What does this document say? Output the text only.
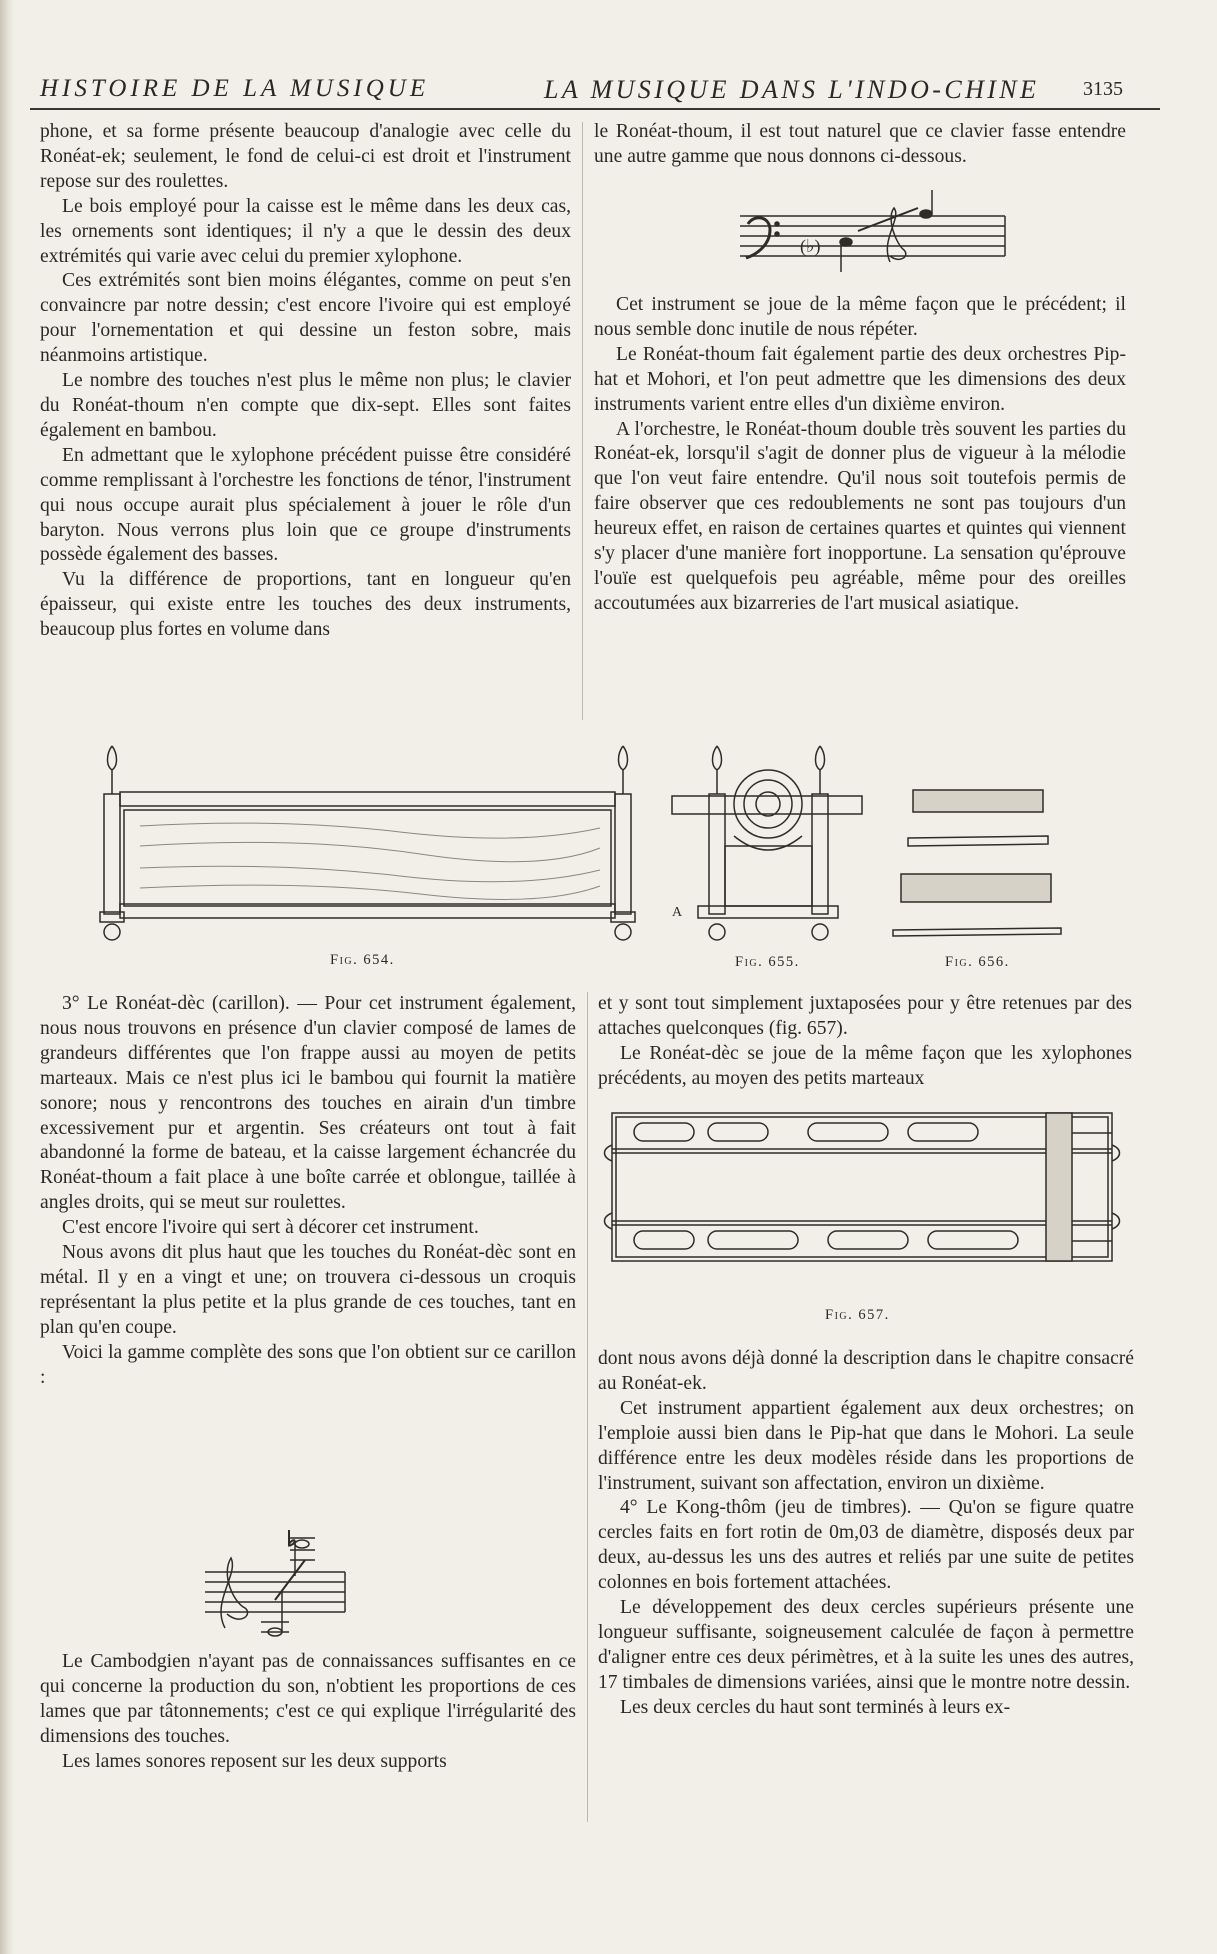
HISTOIRE DE LA MUSIQUE	LA MUSIQUE DANS L'INDO-CHINE 3135

phone, et sa forme présente beaucoup d'analogie avec celle du Ronéat-ek; seulement, le fond de celui-ci est droit et l'instrument repose sur des roulettes.

Le bois employé pour la caisse est le même dans les deux cas, les ornements sont identiques; il n'y a que le dessin des deux extrémités qui varie avec celui du premier xylophone.

Ces extrémités sont bien moins élégantes, comme on peut s'en convaincre par notre dessin; c'est encore l'ivoire qui est employé pour l'ornementation et qui dessine un feston sobre, mais néanmoins artistique.

Le nombre des touches n'est plus le même non plus; le clavier du Ronéat-thoum n'en compte que dix-sept. Elles sont faites également en bambou.

En admettant que le xylophone précédent puisse être considéré comme remplissant à l'orchestre les fonctions de ténor, l'instrument qui nous occupe aurait plus spécialement à jouer le rôle d'un baryton. Nous verrons plus loin que ce groupe d'instruments possède également des basses.

Vu la différence de proportions, tant en longueur qu'en épaisseur, qui existe entre les touches des deux instruments, beaucoup plus fortes en volume dans

le Ronéat-thoum, il est tout naturel que ce clavier fasse entendre une autre gamme que nous donnons ci-dessous.

(♭)

Cet instrument se joue de la même façon que le précédent; il nous semble donc inutile de nous répéter.

Le Ronéat-thoum fait également partie des deux orchestres Pip-hat et Mohori, et l'on peut admettre que les dimensions des deux instruments varient entre elles d'un dixième environ.

A l'orchestre, le Ronéat-thoum double très souvent les parties du Ronéat-ek, lorsqu'il s'agit de donner plus de vigueur à la mélodie que l'on veut faire entendre. Qu'il nous soit toutefois permis de faire observer que ces redoublements ne sont pas toujours d'un heureux effet, en raison de certaines quartes et quintes qui viennent s'y placer d'une manière fort inopportune. La sensation qu'éprouve l'ouïe est quelquefois peu agréable, même pour des oreilles accoutumées aux bizarreries de l'art musical asiatique.

Fig. 654.
A
Fig. 655.	Fig. 656.

3° Le Ronéat-dèc (carillon). — Pour cet instrument également, nous nous trouvons en présence d'un clavier composé de lames de grandeurs différentes que l'on frappe aussi au moyen de petits marteaux. Mais ce n'est plus ici le bambou qui fournit la matière sonore; nous y rencontrons des touches en airain d'un timbre excessivement pur et argentin. Ses créateurs ont tout à fait abandonné la forme de bateau, et la caisse largement échancrée du Ronéat-thoum a fait place à une boîte carrée et oblongue, taillée à angles droits, qui se meut sur roulettes.

C'est encore l'ivoire qui sert à décorer cet instrument.

Nous avons dit plus haut que les touches du Ronéat-dèc sont en métal. Il y en a vingt et une; on trouvera ci-dessous un croquis représentant la plus petite et la plus grande de ces touches, tant en plan qu'en coupe.

Voici la gamme complète des sons que l'on obtient sur ce carillon :

Le Cambodgien n'ayant pas de connaissances suffisantes en ce qui concerne la production du son, n'obtient les proportions de ces lames que par tâtonnements; c'est ce qui explique l'irrégularité des dimensions des touches.

Les lames sonores reposent sur les deux supports

et y sont tout simplement juxtaposées pour y être retenues par des attaches quelconques (fig. 657).

Le Ronéat-dèc se joue de la même façon que les xylophones précédents, au moyen des petits marteaux

Fig. 657.

dont nous avons déjà donné la description dans le chapitre consacré au Ronéat-ek.

Cet instrument appartient également aux deux orchestres; on l'emploie aussi bien dans le Pip-hat que dans le Mohori. La seule différence entre les deux modèles réside dans les proportions de l'instrument, suivant son affectation, environ un dixième.

4° Le Kong-thôm (jeu de timbres). — Qu'on se figure quatre cercles faits en fort rotin de 0m,03 de diamètre, disposés deux par deux, au-dessus les uns des autres et reliés par une suite de petites colonnes en bois fortement attachées.

Le développement des deux cercles supérieurs présente une longueur suffisante, soigneusement calculée de façon à permettre d'aligner entre ces deux périmètres, et à la suite les unes des autres, 17 timbales de dimensions variées, ainsi que le montre notre dessin.

Les deux cercles du haut sont terminés à leurs ex-
